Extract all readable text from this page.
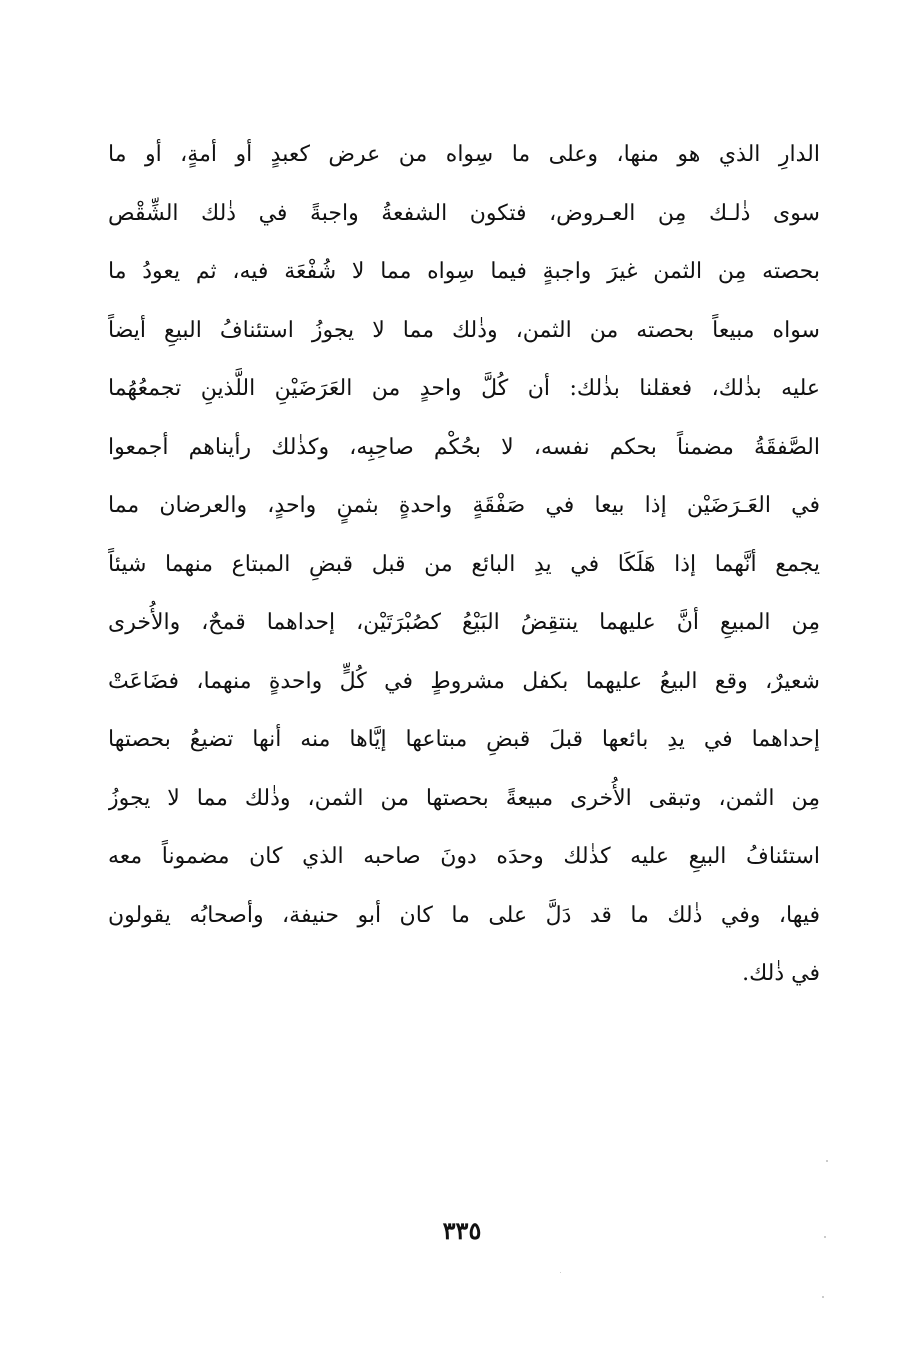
الدارِ الذي هو منها، وعلى ما سِواه من عرض كعبدٍ أو أمةٍ، أو ما
سوى ذٰلـك مِن العـروض، فتكون الشفعةُ واجبةً في ذٰلك الشِّقْص
بحصته مِن الثمن غيرَ واجبةٍ فيما سِواه مما لا شُفْعَة فيه، ثم يعودُ ما
سواه مبيعاً بحصته من الثمن، وذٰلك مما لا يجوزُ استئنافُ البيعِ أيضاً
عليه بذٰلك، فعقلنا بذٰلك: أن كُلَّ واحدٍ من العَرَضَيْنِ اللَّذينِ تجمعُهُما
الصَّفقَةُ مضمناً بحكم نفسه، لا بحُكْم صاحِبِه، وكذٰلك رأيناهم أجمعوا
في العَـرَضَيْن إذا بيعا في صَفْقَةٍ واحدةٍ بثمنٍ واحدٍ، والعرضان مما
يجمع أنَّهما إذا هَلَكَا في يدِ البائع من قبل قبضِ المبتاع منهما شيئاً
مِن المبيعِ أنَّ عليهما ينتقِضُ البَيْعُ كصُبْرَتَيْن، إحداهما قمحٌ، والأُخرى
شعيرٌ، وقع البيعُ عليهما بكفل مشروطٍ في كُلٍّ واحدةٍ منهما، فضَاعَتْ
إحداهما في يدِ بائعها قبلَ قبضِ مبتاعها إيَّاها منه أنها تضيعُ بحصتها
مِن الثمن، وتبقى الأُخرى مبيعةً بحصتها من الثمن، وذٰلك مما لا يجوزُ
استئنافُ البيعِ عليه كذٰلك وحدَه دونَ صاحبه الذي كان مضموناً معه
فيها، وفي ذٰلك ما قد دَلَّ على ما كان أبو حنيفة، وأصحابُه يقولون
في ذٰلك.
٣٣٥
